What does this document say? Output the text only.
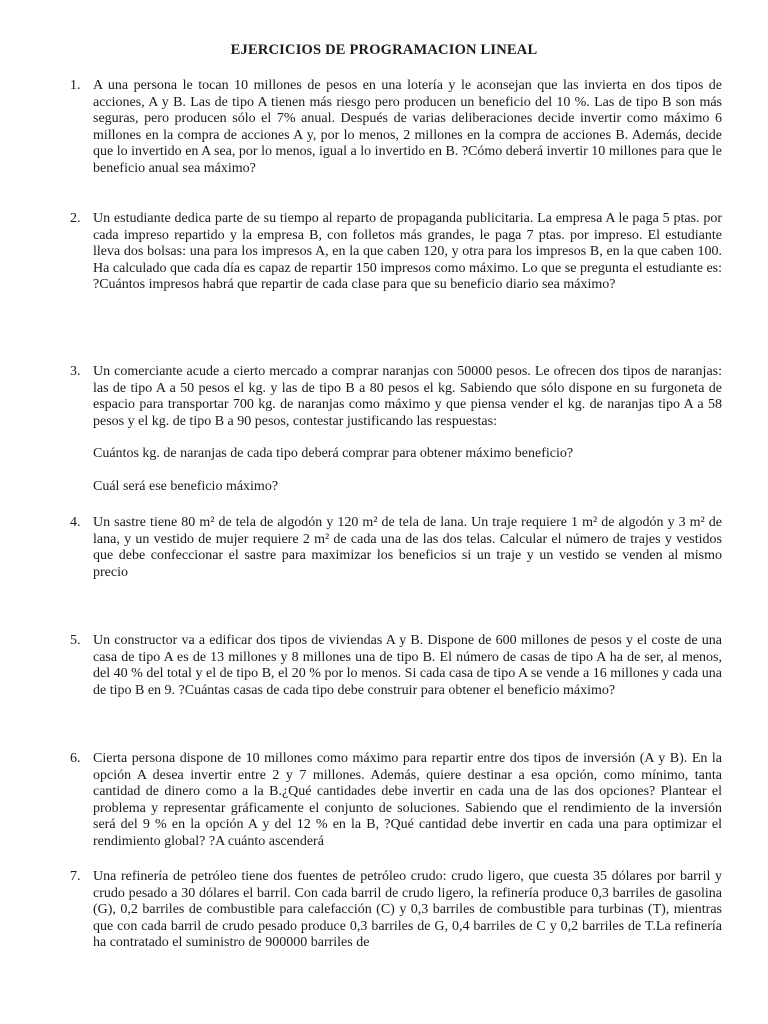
EJERCICIOS DE PROGRAMACION LINEAL
1. A una persona le tocan 10 millones de pesos en una lotería y le aconsejan que las invierta en dos tipos de acciones, A y B. Las de tipo A tienen más riesgo pero producen un beneficio del 10 %. Las de tipo B son más seguras, pero producen sólo el 7% anual. Después de varias deliberaciones decide invertir como máximo 6 millones en la compra de acciones A y, por lo menos, 2 millones en la compra de acciones B. Además, decide que lo invertido en A sea, por lo menos, igual a lo invertido en B. ?Cómo deberá invertir 10 millones para que le beneficio anual sea máximo?

2. Un estudiante dedica parte de su tiempo al reparto de propaganda publicitaria. La empresa A le paga 5 ptas. por cada impreso repartido y la empresa B, con folletos más grandes, le paga 7 ptas. por impreso. El estudiante lleva dos bolsas: una para los impresos A, en la que caben 120, y otra para los impresos B, en la que caben 100. Ha calculado que cada día es capaz de repartir 150 impresos como máximo. Lo que se pregunta el estudiante es: ?Cuántos impresos habrá que repartir de cada clase para que su beneficio diario sea máximo?

3. Un comerciante acude a cierto mercado a comprar naranjas con 50000 pesos. Le ofrecen dos tipos de naranjas: las de tipo A a 50 pesos el kg. y las de tipo B a 80 pesos el kg. Sabiendo que sólo dispone en su furgoneta de espacio para transportar 700 kg. de naranjas como máximo y que piensa vender el kg. de naranjas tipo A a 58 pesos y el kg. de tipo B a 90 pesos, contestar justificando las respuestas:

Cuántos kg. de naranjas de cada tipo deberá comprar para obtener máximo beneficio?

Cuál será ese beneficio máximo?

4. Un sastre tiene 80 m² de tela de algodón y 120 m² de tela de lana. Un traje requiere 1 m² de algodón y 3 m² de lana, y un vestido de mujer requiere 2 m² de cada una de las dos telas. Calcular el número de trajes y vestidos que debe confeccionar el sastre para maximizar los beneficios si un traje y un vestido se venden al mismo precio

5. Un constructor va a edificar dos tipos de viviendas A y B. Dispone de 600 millones de pesos y el coste de una casa de tipo A es de 13 millones y 8 millones una de tipo B. El número de casas de tipo A ha de ser, al menos, del 40 % del total y el de tipo B, el 20 % por lo menos. Si cada casa de tipo A se vende a 16 millones y cada una de tipo B en 9. ?Cuántas casas de cada tipo debe construir para obtener el beneficio máximo?

6. Cierta persona dispone de 10 millones como máximo para repartir entre dos tipos de inversión (A y B). En la opción A desea invertir entre 2 y 7 millones. Además, quiere destinar a esa opción, como mínimo, tanta cantidad de dinero como a la B.¿Qué cantidades debe invertir en cada una de las dos opciones? Plantear el problema y representar gráficamente el conjunto de soluciones. Sabiendo que el rendimiento de la inversión será del 9 % en la opción A y del 12 % en la B, ?Qué cantidad debe invertir en cada una para optimizar el rendimiento global? ?A cuánto ascenderá

7. Una refinería de petróleo tiene dos fuentes de petróleo crudo: crudo ligero, que cuesta 35 dólares por barril y crudo pesado a 30 dólares el barril. Con cada barril de crudo ligero, la refinería produce 0,3 barriles de gasolina (G), 0,2 barriles de combustible para calefacción (C) y 0,3 barriles de combustible para turbinas (T), mientras que con cada barril de crudo pesado produce 0,3 barriles de G, 0,4 barriles de C y 0,2 barriles de T.La refinería ha contratado el suministro de 900000 barriles de
